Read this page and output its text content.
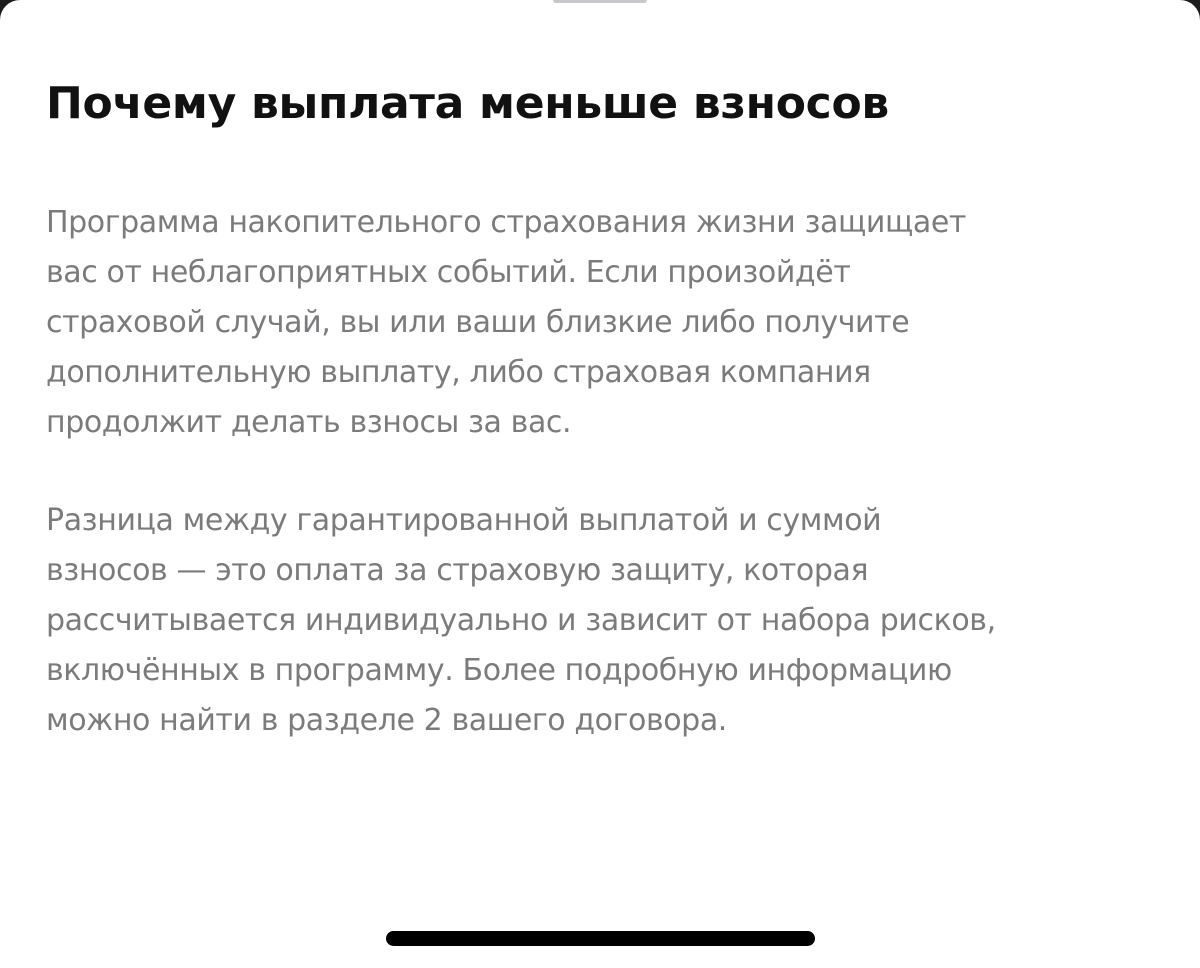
Почему выплата меньше взносов

Программа накопительного страхования жизни защищает
вас от неблагоприятных событий. Если произойдёт
страховой случай, вы или ваши близкие либо получите
дополнительную выплату, либо страховая компания
продолжит делать взносы за вас.

Разница между гарантированной выплатой и суммой
взносов — это оплата за страховую защиту, которая
рассчитывается индивидуально и зависит от набора рисков,
включённых в программу. Более подробную информацию
можно найти в разделе 2 вашего договора.
